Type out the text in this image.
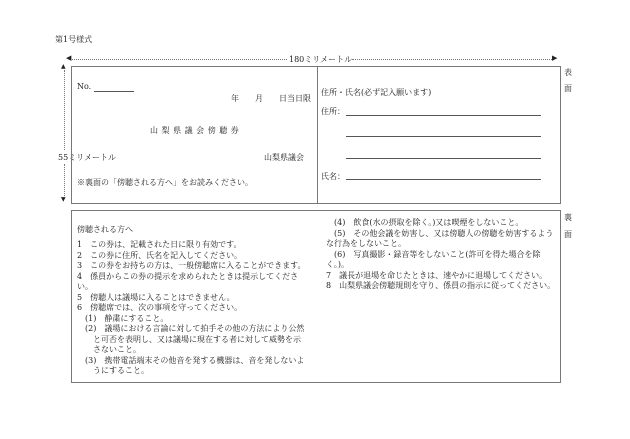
第1号様式
◀	180ミリメートル	▶
▲
55ミリメートル
▼
No.
年　　月　　日当日限
山 梨 県 議 会 傍 聴 券
山梨県議会
※裏面の「傍聴される方へ」をお読みください。
住所・氏名(必ず記入願います)
住所：
氏名：
表
面
傍聴される方へ
1　この券は、記載された日に限り有効です。
2　この券に住所、氏名を記入してください。
3　この券をお持ちの方は、一般傍聴席に入ることができます。
4　係員からこの券の提示を求められたときは提示してくださ
い。
5　傍聴人は議場に入ることはできません。
6　傍聴席では、次の事項を守ってください。
　(1)　静粛にすること。
　(2)　議場における言論に対して拍手その他の方法により公然
　　と可否を表明し、又は議場に現在する者に対して威勢を示
　　さないこと。
　(3)　携帯電話端末その他音を発する機器は、音を発しないよ
　　うにすること。
　(4)　飲食(水の摂取を除く。)又は喫煙をしないこと。
　(5)　その他会議を妨害し、又は傍聴人の傍聴を妨害するよう
な行為をしないこと。
　(6)　写真撮影・録音等をしないこと(許可を得た場合を除
く。)。
7　議長が退場を命じたときは、速やかに退場してください。
8　山梨県議会傍聴規則を守り、係員の指示に従ってください。
裏
面
